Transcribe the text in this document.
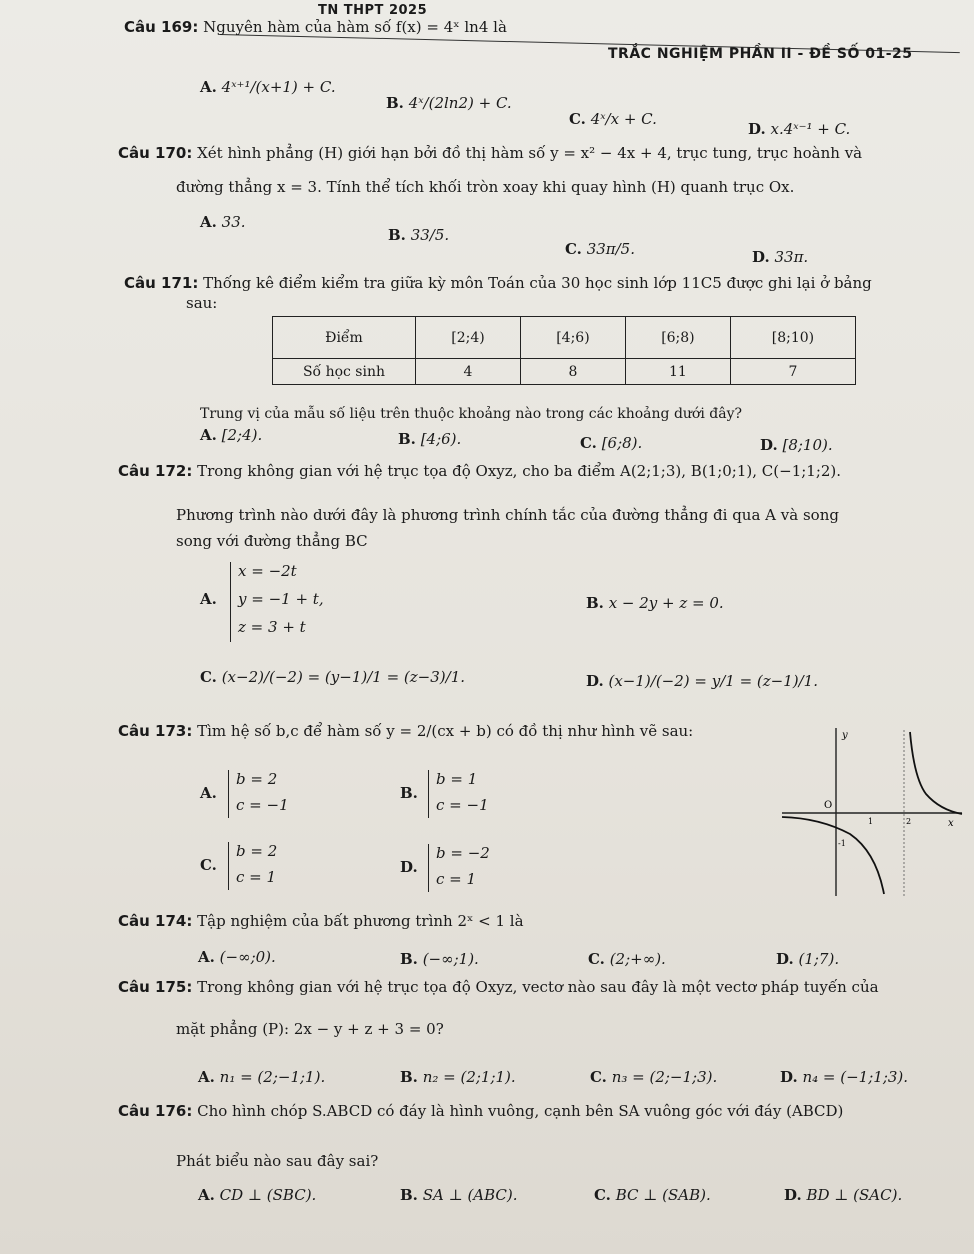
TN THPT 2025
TRẮC NGHIỆM PHẦN II - ĐỀ SỐ 01-25
Câu 169: Nguyên hàm của hàm số f(x) = 4ˣ ln4 là
A. 4ˣ⁺¹/(x+1) + C.
B. 4ˣ/(2ln2) + C.
C. 4ˣ/x + C.
D. x.4ˣ⁻¹ + C.
Câu 170: Xét hình phẳng (H) giới hạn bởi đồ thị hàm số y = x² − 4x + 4, trục tung, trục hoành và
đường thẳng x = 3. Tính thể tích khối tròn xoay khi quay hình (H) quanh trục Ox.
A. 33.
B. 33/5.
C. 33π/5.	D. 33π.
Câu 171: Thống kê điểm kiểm tra giữa kỳ môn Toán của 30 học sinh lớp 11C5 được ghi lại ở bảng
sau:
Điểm	[2;4)	[4;6)	[6;8)	[8;10)
Số học sinh	4	8	11	7
Trung vị của mẫu số liệu trên thuộc khoảng nào trong các khoảng dưới đây?
A. [2;4).	B. [4;6).	C. [6;8).	D. [8;10).
Câu 172: Trong không gian với hệ trục tọa độ Oxyz, cho ba điểm A(2;1;3), B(1;0;1), C(−1;1;2).
Phương trình nào dưới đây là phương trình chính tắc của đường thẳng đi qua A và song
song với đường thẳng BC
A.
x = −2t
y = −1 + t,
z = 3 + t
B. x − 2y + z = 0.
C. (x−2)/(−2) = (y−1)/1 = (z−3)/1.	D. (x−1)/(−2) = y/1 = (z−1)/1.
Câu 173: Tìm hệ số b,c để hàm số y = 2/(cx + b) có đồ thị như hình vẽ sau:
A.
b = 2
c = −1
B.
b = 1
c = −1
C.
b = 2
c = 1
D.
b = −2
c = 1
y
x
O
1	2
-1
Câu 174: Tập nghiệm của bất phương trình 2ˣ < 1 là
A. (−∞;0).	B. (−∞;1).	C. (2;+∞).	D. (1;7).
Câu 175: Trong không gian với hệ trục tọa độ Oxyz, vectơ nào sau đây là một vectơ pháp tuyến của
mặt phẳng (P): 2x − y + z + 3 = 0?
A. n₁ = (2;−1;1).	B. n₂ = (2;1;1).	C. n₃ = (2;−1;3).	D. n₄ = (−1;1;3).
Câu 176: Cho hình chóp S.ABCD có đáy là hình vuông, cạnh bên SA vuông góc với đáy (ABCD)
Phát biểu nào sau đây sai?
A. CD ⊥ (SBC).	B. SA ⊥ (ABC).	C. BC ⊥ (SAB).	D. BD ⊥ (SAC).
